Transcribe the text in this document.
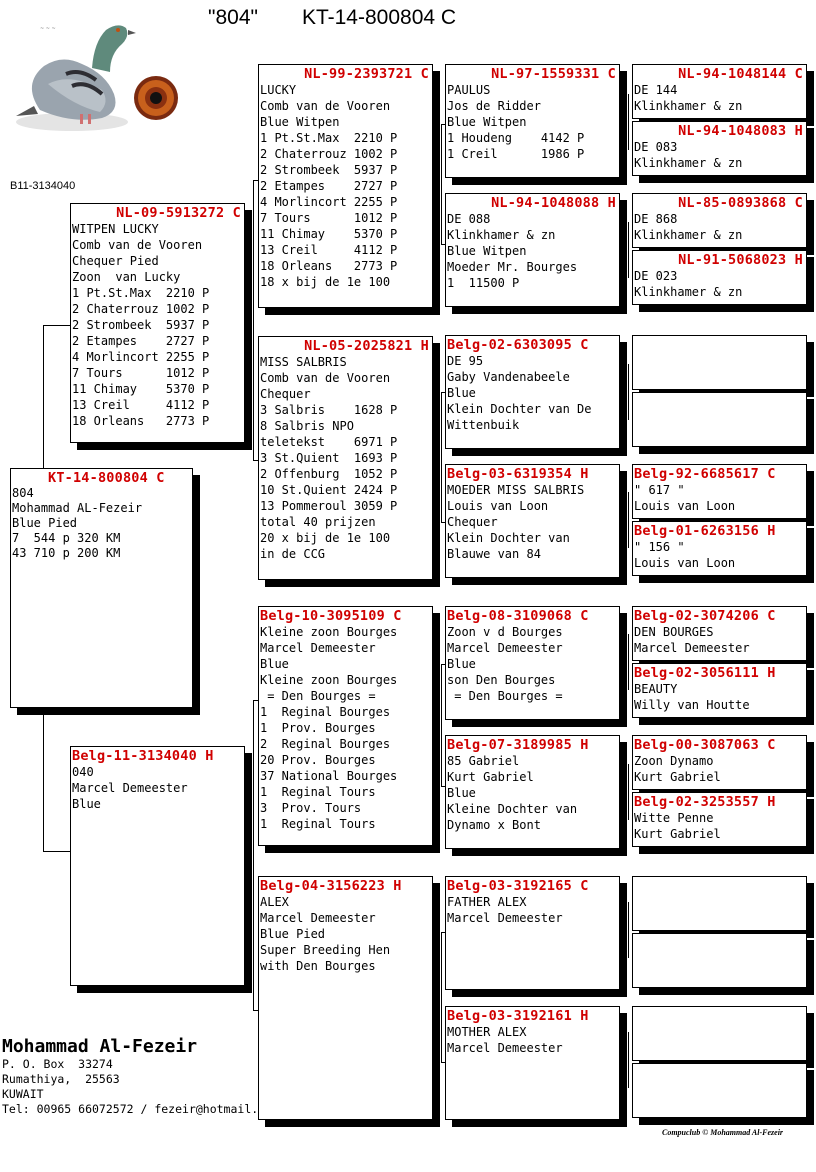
"804" KT-14-800804 C
~ ~ ~
B11-3134040
KT-14-800804 C
804
Mohammad AL-Fezeir
Blue Pied
7  544 p 320 KM
43 710 p 200 KM
NL-09-5913272 C
WITPEN LUCKY
Comb van de Vooren
Chequer Pied
Zoon  van Lucky
1 Pt.St.Max  2210 P
2 Chaterrouz 1002 P
2 Strombeek  5937 P
2 Etampes    2727 P
4 Morlincort 2255 P
7 Tours      1012 P
11 Chimay    5370 P
13 Creil     4112 P
18 Orleans   2773 P
Belg-11-3134040 H
040
Marcel Demeester
Blue
NL-99-2393721 C
LUCKY
Comb van de Vooren
Blue Witpen
1 Pt.St.Max  2210 P
2 Chaterrouz 1002 P
2 Strombeek  5937 P
2 Etampes    2727 P
4 Morlincort 2255 P
7 Tours      1012 P
11 Chimay    5370 P
13 Creil     4112 P
18 Orleans   2773 P
18 x bij de 1e 100
NL-05-2025821 H
MISS SALBRIS
Comb van de Vooren
Chequer
3 Salbris    1628 P
8 Salbris NPO
teletekst    6971 P
3 St.Quient  1693 P
2 Offenburg  1052 P
10 St.Quient 2424 P
13 Pommeroul 3059 P
total 40 prijzen
20 x bij de 1e 100
in de CCG
Belg-10-3095109 C
Kleine zoon Bourges
Marcel Demeester
Blue
Kleine zoon Bourges
= Den Bourges =
1  Reginal Bourges
1  Prov. Bourges
2  Reginal Bourges
20 Prov. Bourges
37 National Bourges
1  Reginal Tours
3  Prov. Tours
1  Reginal Tours
Belg-04-3156223 H
ALEX
Marcel Demeester
Blue Pied
Super Breeding Hen
with Den Bourges
NL-97-1559331 C
PAULUS
Jos de Ridder
Blue Witpen
1 Houdeng    4142 P
1 Creil      1986 P
NL-94-1048088 H
DE 088
Klinkhamer & zn
Blue Witpen
Moeder Mr. Bourges
1  11500 P
Belg-02-6303095 C
DE 95
Gaby Vandenabeele
Blue
Klein Dochter van De
Wittenbuik
Belg-03-6319354 H
MOEDER MISS SALBRIS
Louis van Loon
Chequer
Klein Dochter van
Blauwe van 84
Belg-08-3109068 C
Zoon v d Bourges
Marcel Demeester
Blue
son Den Bourges
= Den Bourges =
Belg-07-3189985 H
85 Gabriel
Kurt Gabriel
Blue
Kleine Dochter van
Dynamo x Bont
Belg-03-3192165 C
FATHER ALEX
Marcel Demeester
Belg-03-3192161 H
MOTHER ALEX
Marcel Demeester
NL-94-1048144 C
DE 144
Klinkhamer & zn
NL-94-1048083 H
DE 083
Klinkhamer & zn
NL-85-0893868 C
DE 868
Klinkhamer & zn
NL-91-5068023 H
DE 023
Klinkhamer & zn
Belg-92-6685617 C
" 617 "
Louis van Loon
Belg-01-6263156 H
" 156 "
Louis van Loon
Belg-02-3074206 C
DEN BOURGES
Marcel Demeester
Belg-02-3056111 H
BEAUTY
Willy van Houtte
Belg-00-3087063 C
Zoon Dynamo
Kurt Gabriel
Belg-02-3253557 H
Witte Penne
Kurt Gabriel
Mohammad Al-Fezeir
P. O. Box  33274
Rumathiya,  25563
KUWAIT
Tel: 00965 66072572 / fezeir@hotmail.
Compuclub © Mohammad Al-Fezeir
